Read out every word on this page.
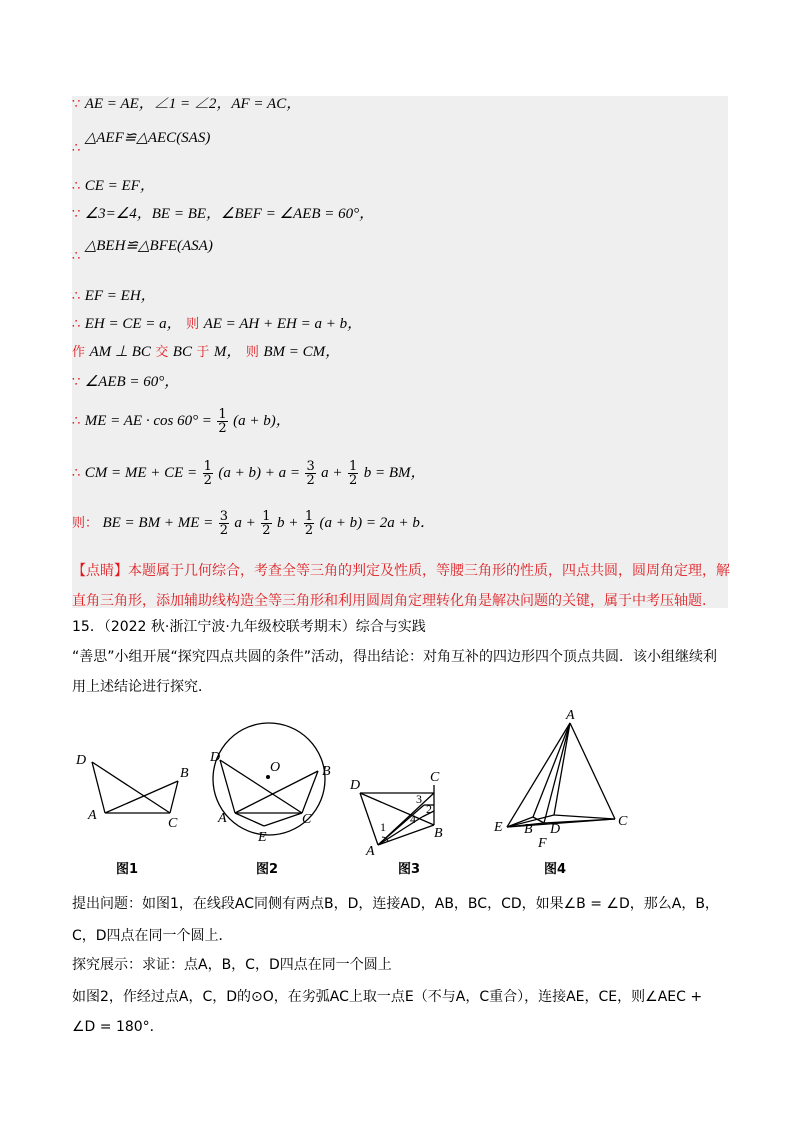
∵ AE = AE，∠1 = ∠2，AF = AC，
∴ △AEF≌△AEC(SAS)
∴ CE = EF，
∵ ∠3=∠4，BE = BE，∠BEF = ∠AEB = 60°，
∴ △BEH≌△BFE(ASA)
∴ EF = EH，
∴ EH = CE = a， 则 AE = AH + EH = a + b，
作 AM ⊥ BC 交 BC 于 M， 则 BM = CM，
∵ ∠AEB = 60°，
∴ ME = AE · $\cos 60^\circ = \frac{1}{2} (a + b)$，
∴ CM = ME + CE = $\frac{1}{2} (a + b) + a = \frac{3}{2}$ $a + \frac{1}{2}$ b = BM，
则： BE = BM + ME = $\frac{3}{2}$ $a + \frac{1}{2}$ $b + \frac{1}{2} (a + b) = 2a + b$．
【点睛】本题属于几何综合，考查全等三角的判定及性质，等腰三角形的性质，四点共圆，圆周角定理，解直角三角形，添加辅助线构造全等三角形和利用圆周角定理转化角是解决问题的关键，属于中考压轴题.
15．（2022 秋·浙江宁波·九年级校联考期末）综合与实践
“善思”小组开展“探究四点共圆的条件”活动，得出结论：对角互补的四边形四个顶点共圆．该小组继续利用上述结论进行探究．
D
B
A
C
图1
D
O	B
A
E
C
图2
D
C
3
2
4
1	B
A
图3
A
E	C
B D
F
图4
提出问题：如图1，在线段AC同侧有两点B，D，连接AD，AB，BC，CD，如果∠B = ∠D，那么A，B，C，D四点在同一个圆上．
探究展示：求证：点A，B，C，D四点在同一个圆上
如图2，作经过点A，C，D的⊙O，在劣弧AC上取一点E（不与A，C重合），连接AE，CE，则∠AEC + ∠D = 180°．
